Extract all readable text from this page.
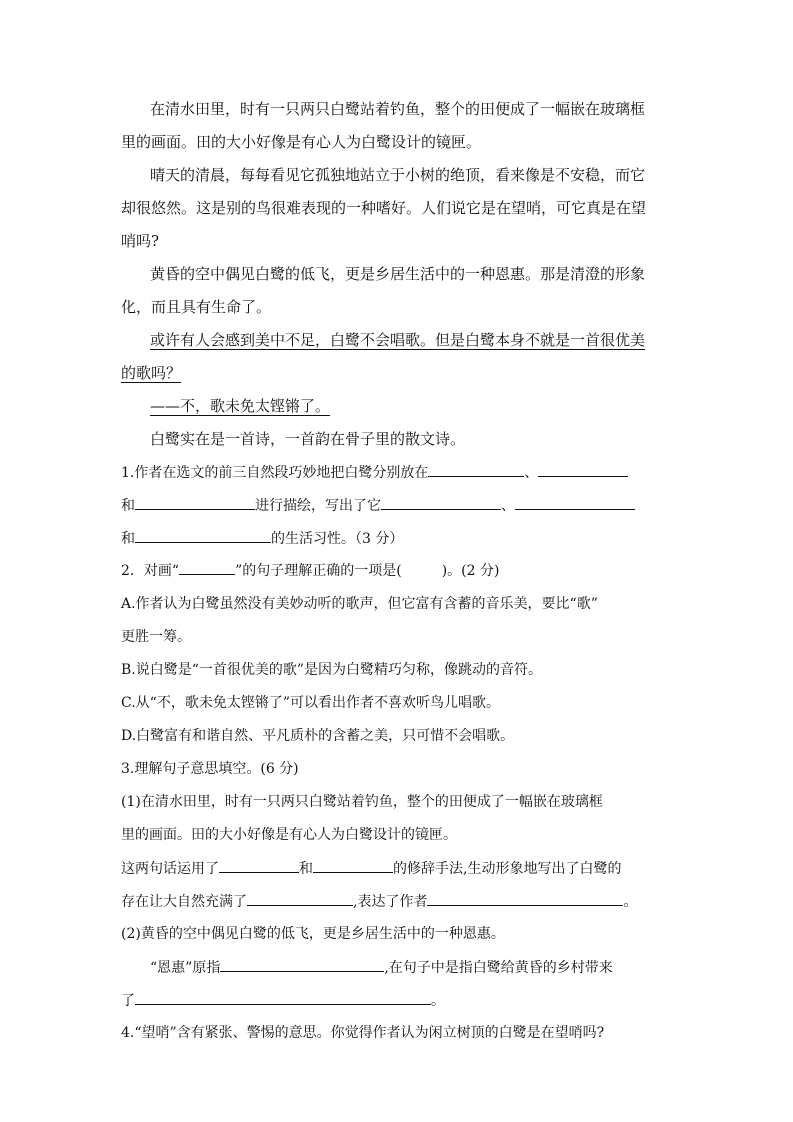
在清水田里，时有一只两只白鹭站着钓鱼，整个的田便成了一幅嵌在玻璃框
里的画面。田的大小好像是有心人为白鹭设计的镜匣。
晴天的清晨，每每看见它孤独地站立于小树的绝顶，看来像是不安稳，而它
却很悠然。这是别的鸟很难表现的一种嗜好。人们说它是在望哨，可它真是在望
哨吗?
黄昏的空中偶见白鹭的低飞，更是乡居生活中的一种恩惠。那是清澄的形象
化，而且具有生命了。
或许有人会感到美中不足，白鹭不会唱歌。但是白鹭本身不就是一首很优美
的歌吗？
——不，歌未免太铿锵了。
白鹭实在是一首诗，一首韵在骨子里的散文诗。
1.作者在选文的前三自然段巧妙地把白鹭分别放在	、
和	进行描绘，写出了它	、
和	的生活习性。（3 分）
2．对画“	”的句子理解正确的一项是(	)。(2 分)
A.作者认为白鹭虽然没有美妙动听的歌声，但它富有含蓄的音乐美，要比“歌”
更胜一筹。
B.说白鹭是“一首很优美的歌”是因为白鹭精巧匀称，像跳动的音符。
C.从“不，歌未免太铿锵了”可以看出作者不喜欢听鸟儿唱歌。
D.白鹭富有和谐自然、平凡质朴的含蓄之美，只可惜不会唱歌。
3.理解句子意思填空。(6 分)
(1)在清水田里，时有一只两只白鹭站着钓鱼，整个的田便成了一幅嵌在玻璃框
里的画面。田的大小好像是有心人为白鹭设计的镜匣。
这两句话运用了	和	的修辞手法,生动形象地写出了白鹭的
存在让大自然充满了	,表达了作者	。
(2)黄昏的空中偶见白鹭的低飞，更是乡居生活中的一种恩惠。
“恩惠”原指	,在句子中是指白鹭给黄昏的乡村带来
了	。
4.“望哨”含有紧张、警惕的意思。你觉得作者认为闲立树顶的白鹭是在望哨吗?
